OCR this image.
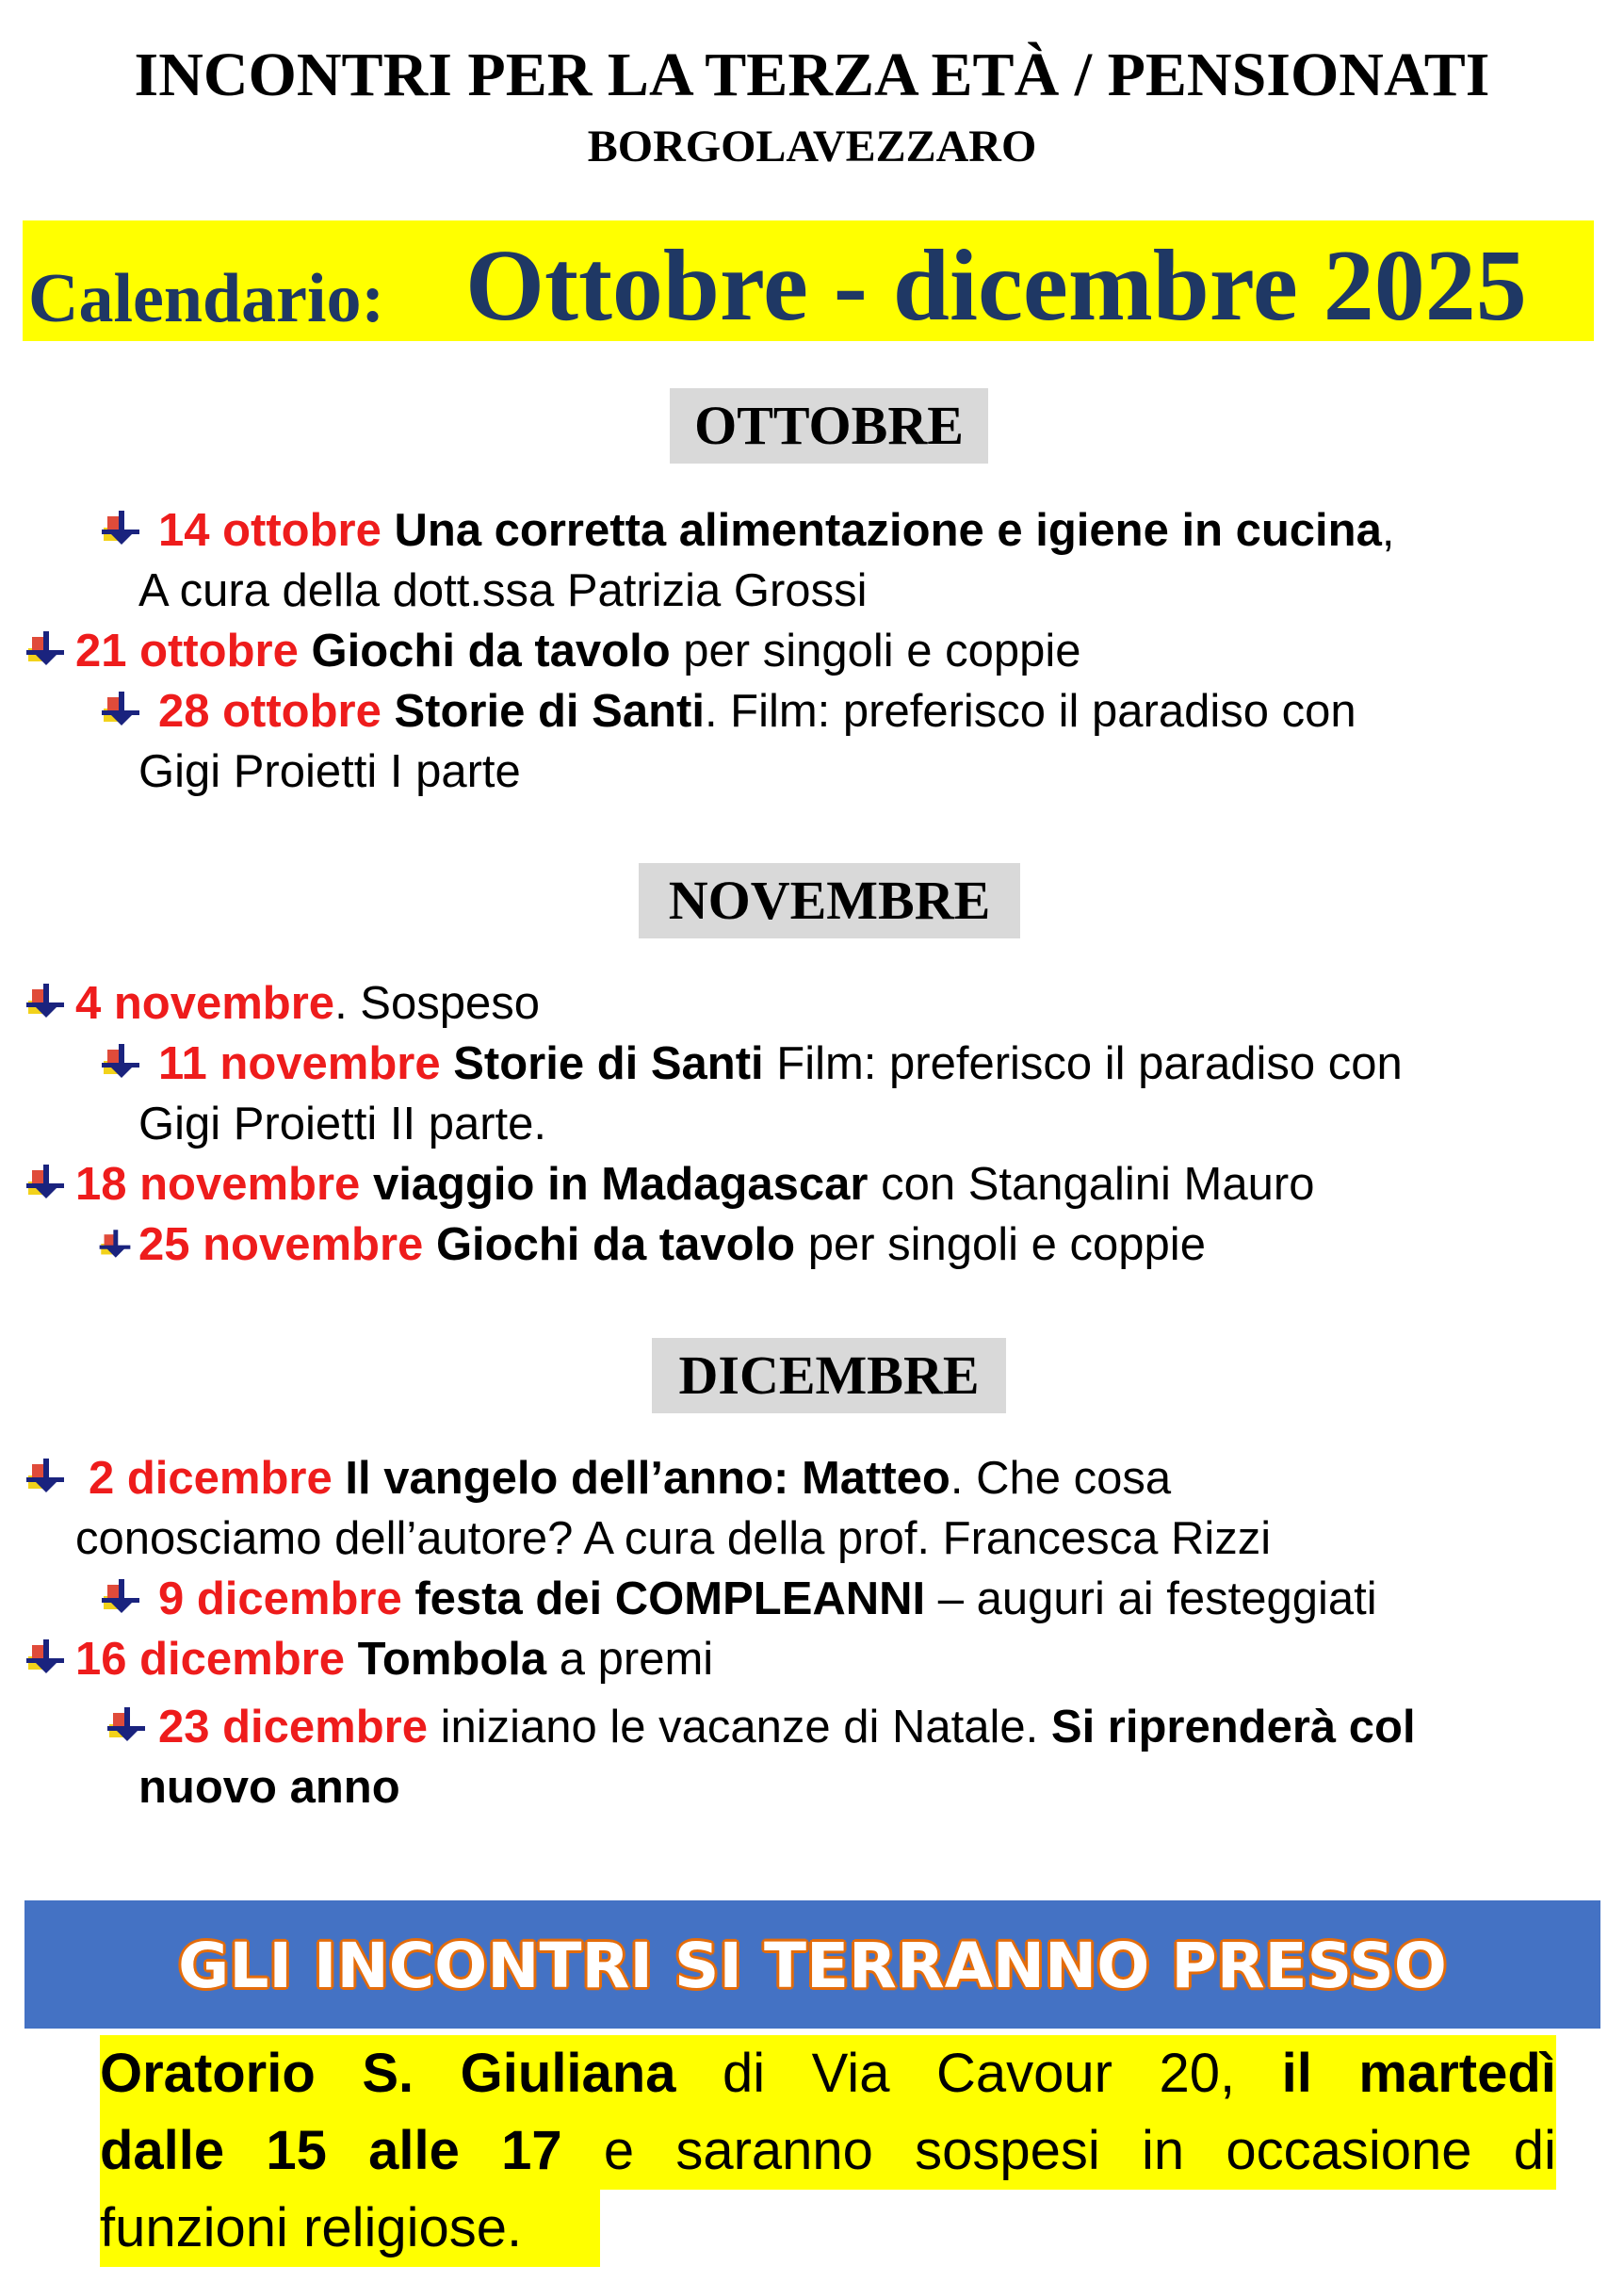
INCONTRI PER LA TERZA ETÀ / PENSIONATI
BORGOLAVEZZARO
Calendario: Ottobre - dicembre 2025
OTTOBRE
14 ottobre Una corretta alimentazione e igiene in cucina,
A cura della dott.ssa Patrizia Grossi
21 ottobre Giochi da tavolo per singoli e coppie
28 ottobre Storie di Santi. Film: preferisco il paradiso con
Gigi Proietti I parte
NOVEMBRE
4 novembre. Sospeso
11 novembre Storie di Santi Film: preferisco il paradiso con
Gigi Proietti II parte.
18 novembre viaggio in Madagascar con Stangalini Mauro
25 novembre Giochi da tavolo per singoli e coppie
DICEMBRE
2 dicembre Il vangelo dell’anno: Matteo. Che cosa
conosciamo dell’autore? A cura della prof. Francesca Rizzi
9 dicembre festa dei COMPLEANNI – auguri ai festeggiati
16 dicembre Tombola a premi
23 dicembre iniziano le vacanze di Natale. Si riprenderà col
nuovo anno
GLI INCONTRI SI TERRANNO PRESSO
Oratorio S. Giuliana di Via Cavour 20, il martedì
dalle 15 alle 17 e saranno sospesi in occasione di
funzioni religiose.
